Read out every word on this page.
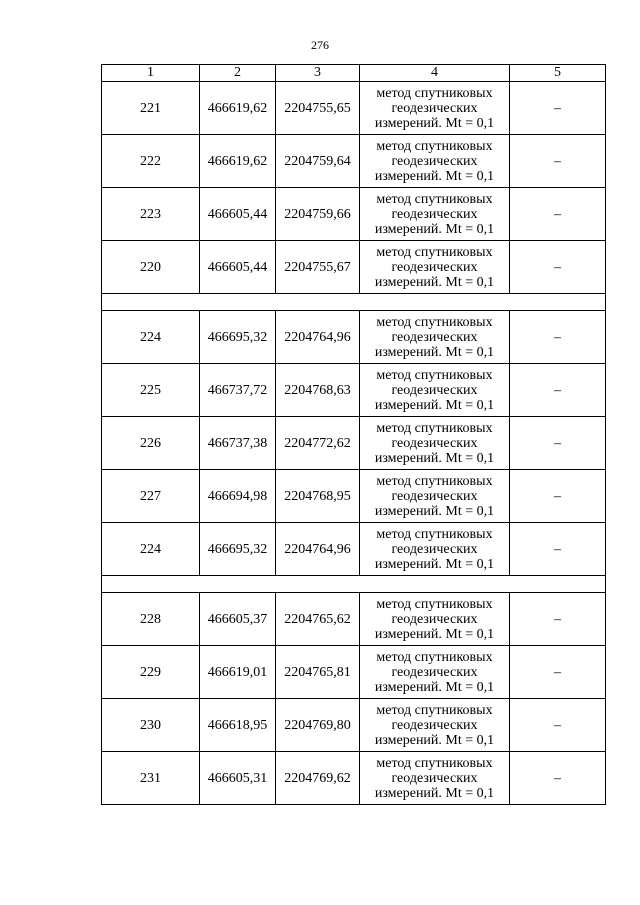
276
1	2	3	4	5
221	466619,62	2204755,65	метод спутниковых
геодезических
измерений. Mt = 0,1	–
222	466619,62	2204759,64	метод спутниковых
геодезических
измерений. Mt = 0,1	–
223	466605,44	2204759,66	метод спутниковых
геодезических
измерений. Mt = 0,1	–
220	466605,44	2204755,67	метод спутниковых
геодезических
измерений. Mt = 0,1	–

224	466695,32	2204764,96	метод спутниковых
геодезических
измерений. Mt = 0,1	–
225	466737,72	2204768,63	метод спутниковых
геодезических
измерений. Mt = 0,1	–
226	466737,38	2204772,62	метод спутниковых
геодезических
измерений. Mt = 0,1	–
227	466694,98	2204768,95	метод спутниковых
геодезических
измерений. Mt = 0,1	–
224	466695,32	2204764,96	метод спутниковых
геодезических
измерений. Mt = 0,1	–

228	466605,37	2204765,62	метод спутниковых
геодезических
измерений. Mt = 0,1	–
229	466619,01	2204765,81	метод спутниковых
геодезических
измерений. Mt = 0,1	–
230	466618,95	2204769,80	метод спутниковых
геодезических
измерений. Mt = 0,1	–
231	466605,31	2204769,62	метод спутниковых
геодезических
измерений. Mt = 0,1	–
